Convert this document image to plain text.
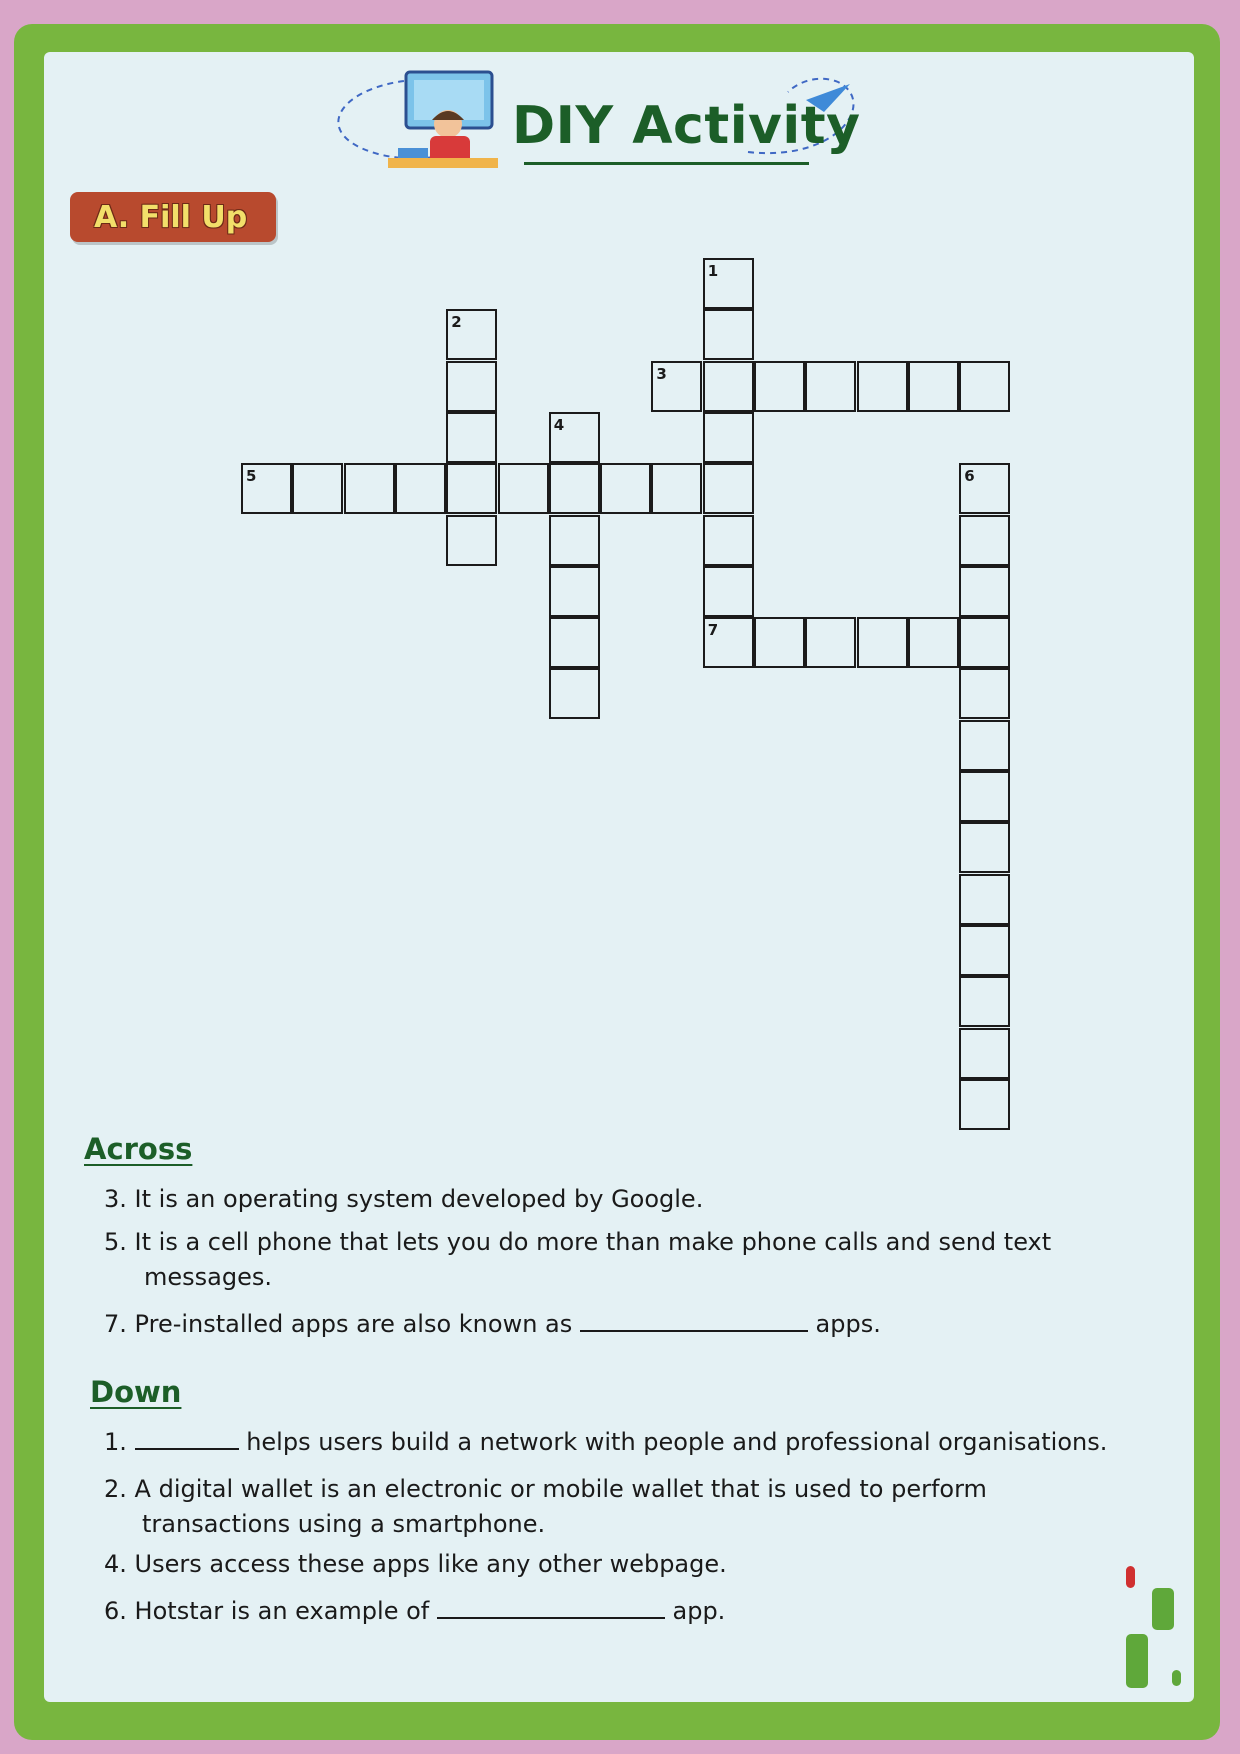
DIY Activity
A. Fill Up
1
7
2
3
4
5	6
Across

3. It is an operating system developed by Google.

5. It is a cell phone that lets you do more than make phone calls and send text

messages.

7. Pre-installed apps are also known as	apps.

Down

1.	helps users build a network with people and professional organisations.

2. A digital wallet is an electronic or mobile wallet that is used to perform

transactions using a smartphone.

4. Users access these apps like any other webpage.

6. Hotstar is an example of	app.
